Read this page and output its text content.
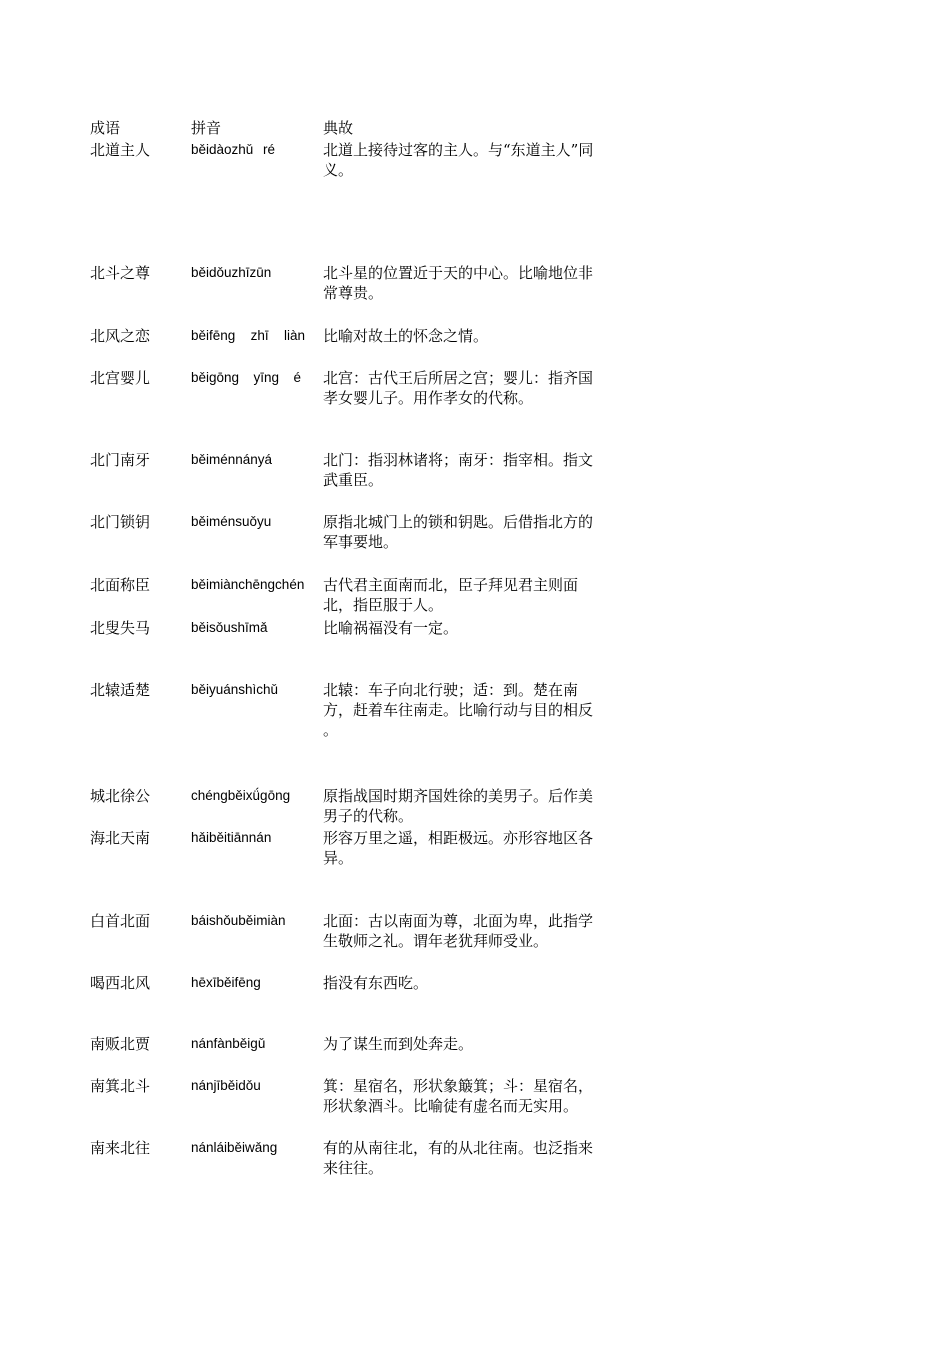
成语	拼音	典故
北道主人	běidàozhǔ ré	北道上接待过客的主人。与“东道主人”同
义。
北斗之尊	běidǒuzhīzūn	北斗星的位置近于天的中心。比喻地位非
常尊贵。
北风之恋	běifēng zhī liàn 比喻对故土的怀念之情。
北宫婴儿	běigōng yīng é 北宫：古代王后所居之宫；婴儿：指齐国
孝女婴儿子。用作孝女的代称。
北门南牙	běiménnányá	北门：指羽林诸将；南牙：指宰相。指文
武重臣。
北门锁钥	běiménsuǒyu	原指北城门上的锁和钥匙。后借指北方的
军事要地。
北面称臣	běimiànchēngchén	古代君主面南而北，臣子拜见君主则面
北，指臣服于人。
北叟失马	běisǒushīmǎ	比喻祸福没有一定。
北辕适楚	běiyuánshìchǔ	北辕：车子向北行驶；适：到。楚在南
方，赶着车往南走。比喻行动与目的相反
。
城北徐公	chéngběixǘgōng	原指战国时期齐国姓徐的美男子。后作美
男子的代称。
海北天南	hǎiběitiānnán	形容万里之遥，相距极远。亦形容地区各
异。
白首北面	báishǒuběimiàn	北面：古以南面为尊，北面为卑，此指学
生敬师之礼。谓年老犹拜师受业。
喝西北风	hēxīběifēng	指没有东西吃。
南贩北贾	nánfànběigǔ	为了谋生而到处奔走。
南箕北斗	nánjīběidǒu	箕：星宿名，形状象簸箕；斗：星宿名，
形状象酒斗。比喻徒有虚名而无实用。
南来北往	nánláiběiwǎng	有的从南往北，有的从北往南。也泛指来
来往往。
